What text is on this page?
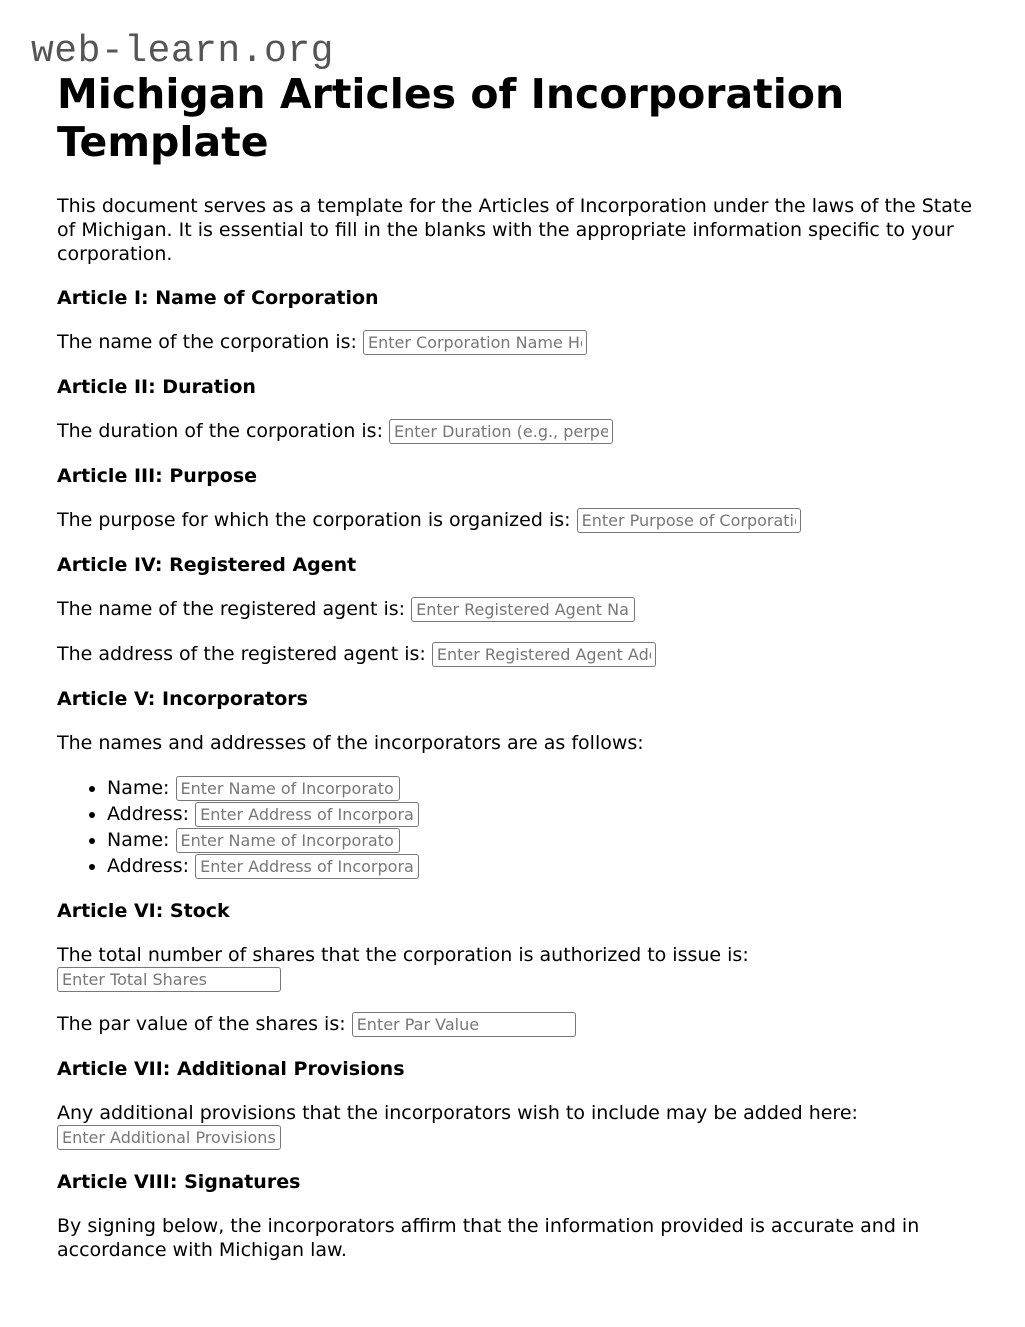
web-learn.org
Michigan Articles of Incorporation Template

This document serves as a template for the Articles of Incorporation under the laws of the State of Michigan. It is essential to fill in the blanks with the appropriate information specific to your corporation.

Article I: Name of Corporation

The name of the corporation is: Enter Corporation Name Here

Article II: Duration

The duration of the corporation is: Enter Duration (e.g., perpetual)

Article III: Purpose

The purpose for which the corporation is organized is: Enter Purpose of Corporation

Article IV: Registered Agent

The name of the registered agent is: Enter Registered Agent Name

The address of the registered agent is: Enter Registered Agent Address

Article V: Incorporators

The names and addresses of the incorporators are as follows:

• Name: Enter Name of Incorporator
• Address: Enter Address of Incorporator
• Name: Enter Name of Incorporator
• Address: Enter Address of Incorporator
Article VI: Stock

The total number of shares that the corporation is authorized to issue is:
Enter Total Shares

The par value of the shares is: Enter Par Value

Article VII: Additional Provisions

Any additional provisions that the incorporators wish to include may be added here:
Enter Additional Provisions

Article VIII: Signatures

By signing below, the incorporators affirm that the information provided is accurate and in accordance with Michigan law.
